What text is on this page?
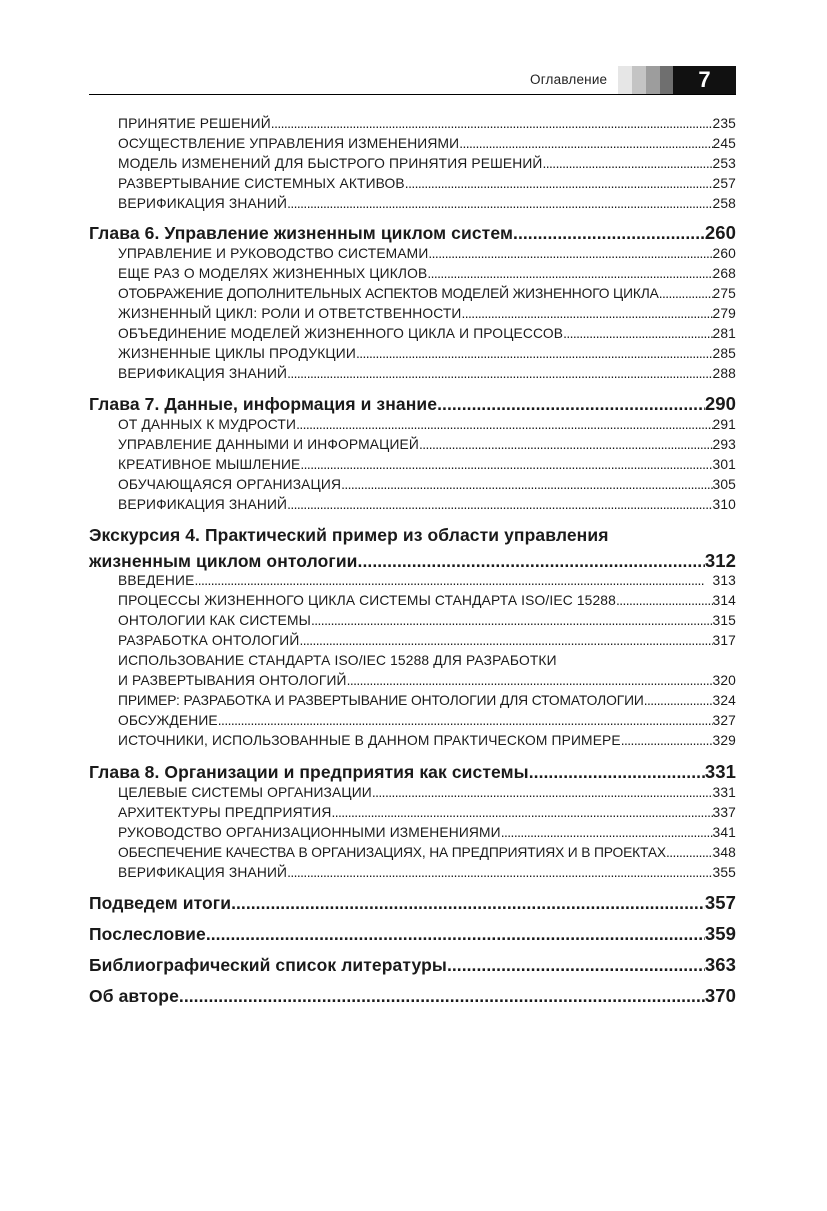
Оглавление	7
ПРИНЯТИЕ РЕШЕНИЙ . . .	235
ОСУЩЕСТВЛЕНИЕ УПРАВЛЕНИЯ ИЗМЕНЕНИЯМИ . . .	245
МОДЕЛЬ ИЗМЕНЕНИЙ ДЛЯ БЫСТРОГО ПРИНЯТИЯ РЕШЕНИЙ . . .	253
РАЗВЕРТЫВАНИЕ СИСТЕМНЫХ АКТИВОВ . . .	257
ВЕРИФИКАЦИЯ ЗНАНИЙ . . .	258
Глава 6. Управление жизненным циклом систем . . .	260
УПРАВЛЕНИЕ И РУКОВОДСТВО СИСТЕМАМИ . . .	260
ЕЩЕ РАЗ О МОДЕЛЯХ ЖИЗНЕННЫХ ЦИКЛОВ . . .	268
ОТОБРАЖЕНИЕ ДОПОЛНИТЕЛЬНЫХ АСПЕКТОВ МОДЕЛЕЙ ЖИЗНЕННОГО ЦИКЛА . . .	275
ЖИЗНЕННЫЙ ЦИКЛ: РОЛИ И ОТВЕТСТВЕННОСТИ . . .	279
ОБЪЕДИНЕНИЕ МОДЕЛЕЙ ЖИЗНЕННОГО ЦИКЛА И ПРОЦЕССОВ . . .	281
ЖИЗНЕННЫЕ ЦИКЛЫ ПРОДУКЦИИ . . .	285
ВЕРИФИКАЦИЯ ЗНАНИЙ . . .	288
Глава 7. Данные, информация и знание . . .	290
ОТ ДАННЫХ К МУДРОСТИ . . .	291
УПРАВЛЕНИЕ ДАННЫМИ И ИНФОРМАЦИЕЙ . . .	293
КРЕАТИВНОЕ МЫШЛЕНИЕ . . .	301
ОБУЧАЮЩАЯСЯ ОРГАНИЗАЦИЯ . . .	305
ВЕРИФИКАЦИЯ ЗНАНИЙ . . .	310
Экскурсия 4. Практический пример из области управления
жизненным циклом онтологии . . .	312
ВВЕДЕНИЕ . . .	313
ПРОЦЕССЫ ЖИЗНЕННОГО ЦИКЛА СИСТЕМЫ СТАНДАРТА ISO/IEC 15288 . . .	314
ОНТОЛОГИИ КАК СИСТЕМЫ . . .	315
РАЗРАБОТКА ОНТОЛОГИЙ . . .	317
ИСПОЛЬЗОВАНИЕ СТАНДАРТА ISO/IEC 15288 ДЛЯ РАЗРАБОТКИ
И РАЗВЕРТЫВАНИЯ ОНТОЛОГИЙ . . .	320
ПРИМЕР: РАЗРАБОТКА И РАЗВЕРТЫВАНИЕ ОНТОЛОГИИ ДЛЯ СТОМАТОЛОГИИ . . .	324
ОБСУЖДЕНИЕ . . .	327
ИСТОЧНИКИ, ИСПОЛЬЗОВАННЫЕ В ДАННОМ ПРАКТИЧЕСКОМ ПРИМЕРЕ . . .	329
Глава 8. Организации и предприятия как системы . . .	331
ЦЕЛЕВЫЕ СИСТЕМЫ ОРГАНИЗАЦИИ . . .	331
АРХИТЕКТУРЫ ПРЕДПРИЯТИЯ . . .	337
РУКОВОДСТВО ОРГАНИЗАЦИОННЫМИ ИЗМЕНЕНИЯМИ . . .	341
ОБЕСПЕЧЕНИЕ КАЧЕСТВА В ОРГАНИЗАЦИЯХ, НА ПРЕДПРИЯТИЯХ И В ПРОЕКТАХ . . .	348
ВЕРИФИКАЦИЯ ЗНАНИЙ . . .	355
Подведем итоги . . .	357
Послесловие . . .	359
Библиографический список литературы . . .	363
Об авторе . . .	370
